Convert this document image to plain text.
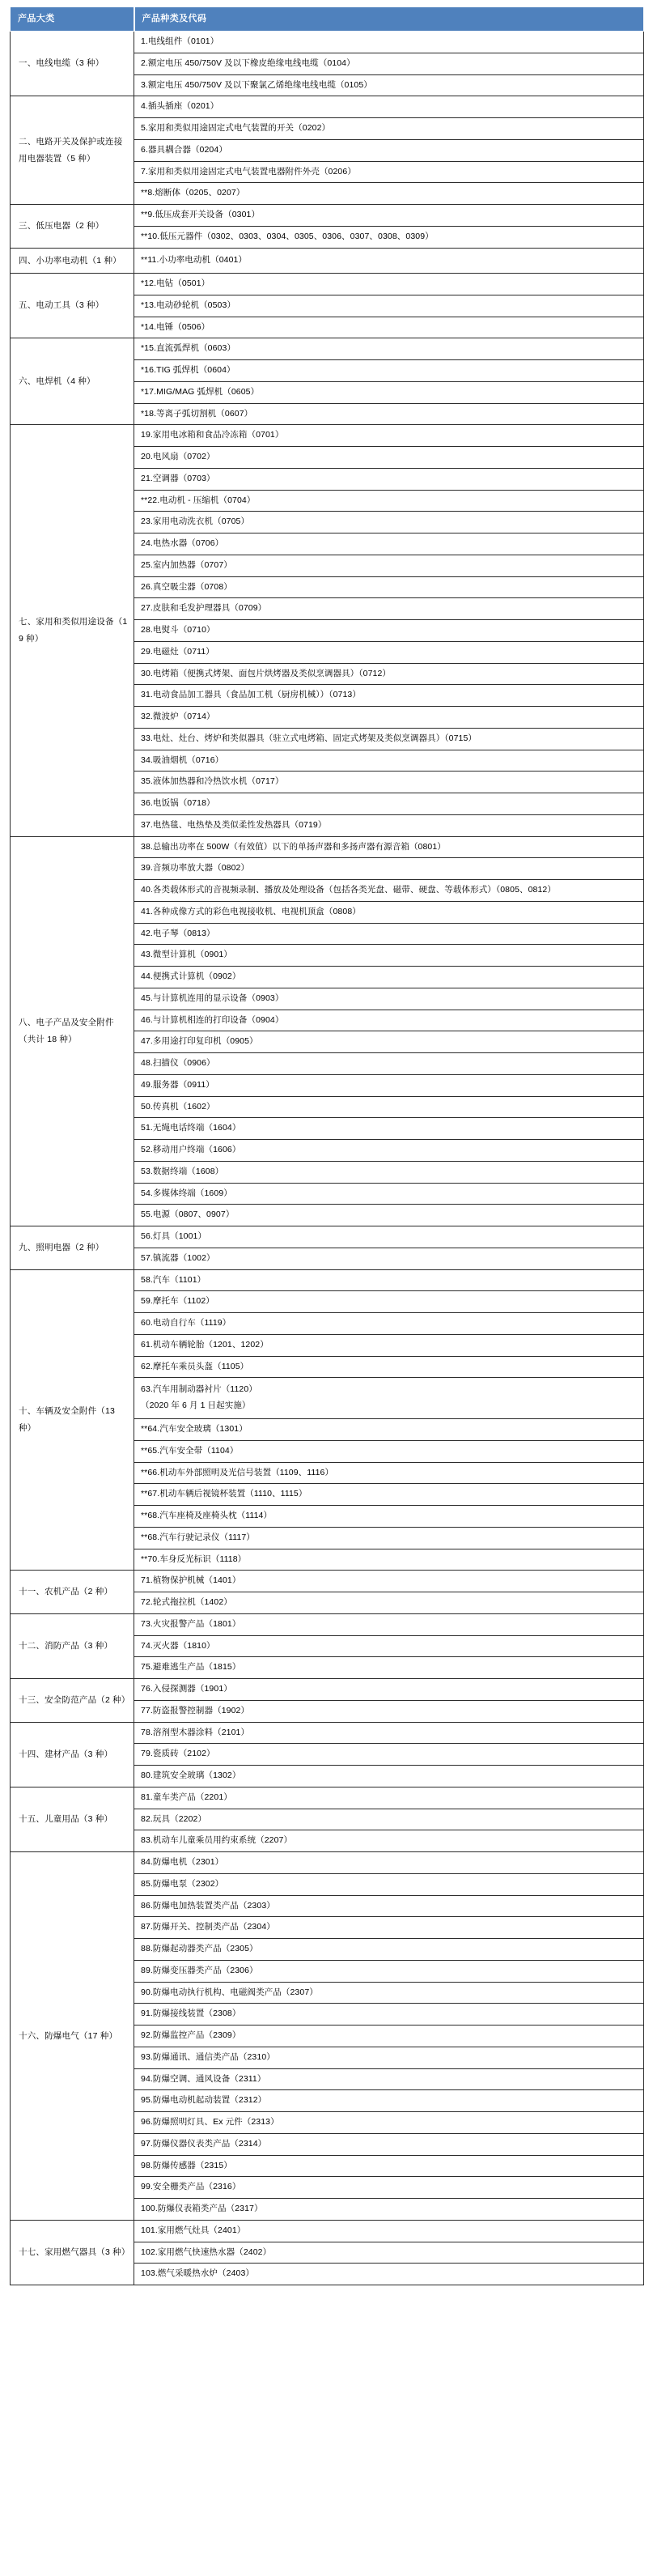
产品大类	产品种类及代码
一、电线电缆（3 种）	1.电线组件（0101）
	2.额定电压 450/750V 及以下橡皮绝缘电线电缆（0104）
	3.额定电压 450/750V 及以下聚氯乙烯绝缘电线电缆（0105）
二、电路开关及保护或连接用电器装置（5 种）	4.插头插座（0201）
	5.家用和类似用途固定式电气装置的开关（0202）
	6.器具耦合器（0204）
	7.家用和类似用途固定式电气装置电器附件外壳（0206）
	**8.熔断体（0205、0207）
三、低压电器（2 种）	**9.低压成套开关设备（0301）
	**10.低压元器件（0302、0303、0304、0305、0306、0307、0308、0309）
四、小功率电动机（1 种）	**11.小功率电动机（0401）
五、电动工具（3 种）	*12.电钻（0501）
	*13.电动砂轮机（0503）
	*14.电锤（0506）
六、电焊机（4 种）	*15.直流弧焊机（0603）
	*16.TIG 弧焊机（0604）
	*17.MIG/MAG 弧焊机（0605）
	*18.等离子弧切割机（0607）
七、家用和类似用途设备（19 种）	19.家用电冰箱和食品冷冻箱（0701）
	20.电风扇（0702）
	21.空调器（0703）
	**22.电动机 - 压缩机（0704）
	23.家用电动洗衣机（0705）
	24.电热水器（0706）
	25.室内加热器（0707）
	26.真空吸尘器（0708）
	27.皮肤和毛发护理器具（0709）
	28.电熨斗（0710）
	29.电磁灶（0711）
	30.电烤箱（便携式烤架、面包片烘烤器及类似烹调器具）（0712）
	31.电动食品加工器具（食品加工机（厨房机械））（0713）
	32.微波炉（0714）
	33.电灶、灶台、烤炉和类似器具（驻立式电烤箱、固定式烤架及类似烹调器具）（0715）
	34.吸油烟机（0716）
	35.液体加热器和冷热饮水机（0717）
	36.电饭锅（0718）
	37.电热毯、电热垫及类似柔性发热器具（0719）
八、电子产品及安全附件（共计 18 种）	38.总输出功率在 500W（有效值）以下的单扬声器和多扬声器有源音箱（0801）
	39.音频功率放大器（0802）
	40.各类载体形式的音视频录制、播放及处理设备（包括各类光盘、磁带、硬盘、等载体形式）（0805、0812）
	41.各种成像方式的彩色电视接收机、电视机顶盒（0808）
	42.电子琴（0813）
	43.微型计算机（0901）
	44.便携式计算机（0902）
	45.与计算机连用的显示设备（0903）
	46.与计算机相连的打印设备（0904）
	47.多用途打印复印机（0905）
	48.扫描仪（0906）
	49.服务器（0911）
	50.传真机（1602）
	51.无绳电话终端（1604）
	52.移动用户终端（1606）
	53.数据终端（1608）
	54.多媒体终端（1609）
	55.电源（0807、0907）
九、照明电器（2 种）	56.灯具（1001）
	57.镇流器（1002）
十、车辆及安全附件（13 种）	58.汽车（1101）
	59.摩托车（1102）
	60.电动自行车（1119）
	61.机动车辆轮胎（1201、1202）
	62.摩托车乘员头盔（1105）

	63.汽车用制动器衬片（1120）
（2020 年 6 月 1 日起实施）

	**64.汽车安全玻璃（1301）
	**65.汽车安全带（1104）
	**66.机动车外部照明及光信号装置（1109、1116）
	**67.机动车辆后视镜杯装置（1110、1115）
	**68.汽车座椅及座椅头枕（1114）
	**68.汽车行驶记录仪（1117）
	**70.车身反光标识（1118）
十一、农机产品（2 种）	71.植物保护机械（1401）
	72.轮式拖拉机（1402）
十二、消防产品（3 种）	73.火灾报警产品（1801）
	74.灭火器（1810）
	75.避难逃生产品（1815）
十三、安全防范产品（2 种）	76.入侵探测器（1901）
	77.防盗报警控制器（1902）
十四、建材产品（3 种）	78.溶剂型木器涂料（2101）
	79.瓷质砖（2102）
	80.建筑安全玻璃（1302）
十五、儿童用品（3 种）	81.童车类产品（2201）
	82.玩具（2202）
	83.机动车儿童乘员用约束系统（2207）
十六、防爆电气（17 种）	84.防爆电机（2301）
	85.防爆电泵（2302）
	86.防爆电加热装置类产品（2303）
	87.防爆开关、控制类产品（2304）
	88.防爆起动器类产品（2305）
	89.防爆变压器类产品（2306）
	90.防爆电动执行机构、电磁阀类产品（2307）
	91.防爆接线装置（2308）
	92.防爆监控产品（2309）
	93.防爆通讯、通信类产品（2310）
	94.防爆空调、通风设备（2311）
	95.防爆电动机起动装置（2312）
	96.防爆照明灯具、Ex 元件（2313）
	97.防爆仪器仪表类产品（2314）
	98.防爆传感器（2315）
	99.安全栅类产品（2316）
	100.防爆仪表箱类产品（2317）
十七、家用燃气器具（3 种）	101.家用燃气灶具（2401）
	102.家用燃气快速热水器（2402）
	103.燃气采暖热水炉（2403）
